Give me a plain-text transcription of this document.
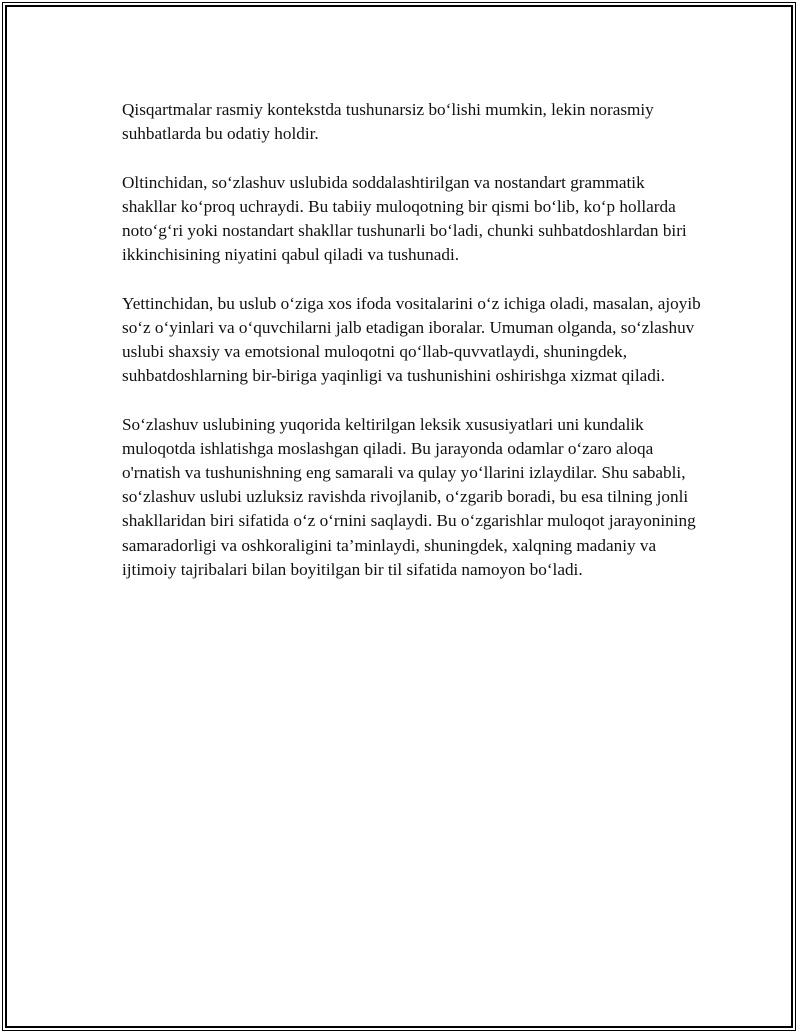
Qisqartmalar rasmiy kontekstda tushunarsiz bo‘lishi mumkin, lekin norasmiy suhbatlarda bu odatiy holdir.

Oltinchidan, so‘zlashuv uslubida soddalashtirilgan va nostandart grammatik shakllar ko‘proq uchraydi. Bu tabiiy muloqotning bir qismi bo‘lib, ko‘p hollarda noto‘g‘ri yoki nostandart shakllar tushunarli bo‘ladi, chunki suhbatdoshlardan biri ikkinchisining niyatini qabul qiladi va tushunadi.

Yettinchidan, bu uslub o‘ziga xos ifoda vositalarini o‘z ichiga oladi, masalan, ajoyib so‘z o‘yinlari va o‘quvchilarni jalb etadigan iboralar. Umuman olganda, so‘zlashuv uslubi shaxsiy va emotsional muloqotni qo‘llab-quvvatlaydi, shuningdek, suhbatdoshlarning bir-biriga yaqinligi va tushunishini oshirishga xizmat qiladi.

So‘zlashuv uslubining yuqorida keltirilgan leksik xususiyatlari uni kundalik muloqotda ishlatishga moslashgan qiladi. Bu jarayonda odamlar o‘zaro aloqa o'rnatish va tushunishning eng samarali va qulay yo‘llarini izlaydilar. Shu sababli, so‘zlashuv uslubi uzluksiz ravishda rivojlanib, o‘zgarib boradi, bu esa tilning jonli shakllaridan biri sifatida o‘z o‘rnini saqlaydi. Bu o‘zgarishlar muloqot jarayonining samaradorligi va oshkoraligini ta’minlaydi, shuningdek, xalqning madaniy va ijtimoiy tajribalari bilan boyitilgan bir til sifatida namoyon bo‘ladi.
